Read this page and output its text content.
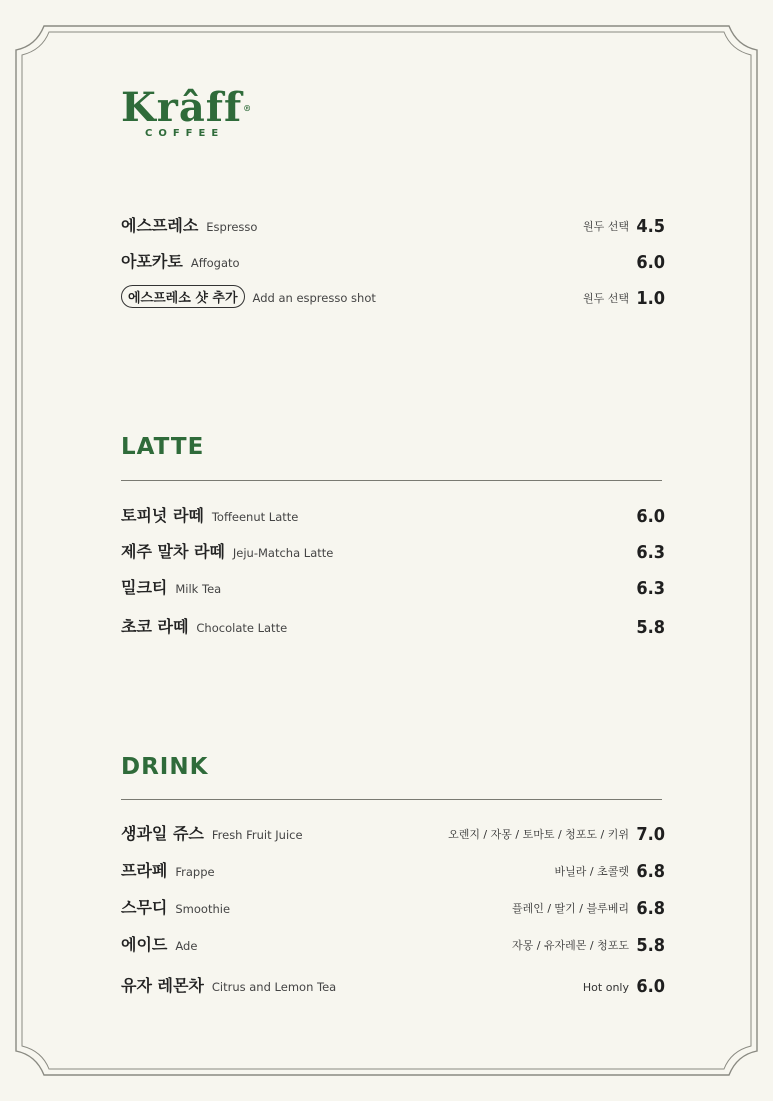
Krâff®
COFFEE
에스프레소 Espresso	원두 선택 4.5
아포카토 Affogato	6.0
에스프레소 샷 추가 Add an espresso shot	원두 선택 1.0
LATTE
토피넛 라떼 Toffeenut Latte	6.0
제주 말차 라떼 Jeju-Matcha Latte	6.3
밀크티 Milk Tea	6.3
초코 라떼 Chocolate Latte	5.8
DRINK
생과일 쥬스 Fresh Fruit Juice	오렌지 / 자몽 / 토마토 / 청포도 / 키위 7.0
프라페 Frappe	바닐라 / 초콜렛 6.8
스무디 Smoothie	플레인 / 딸기 / 블루베리 6.8
에이드 Ade	자몽 / 유자레몬 / 청포도 5.8
유자 레몬차 Citrus and Lemon Tea	Hot only 6.0
